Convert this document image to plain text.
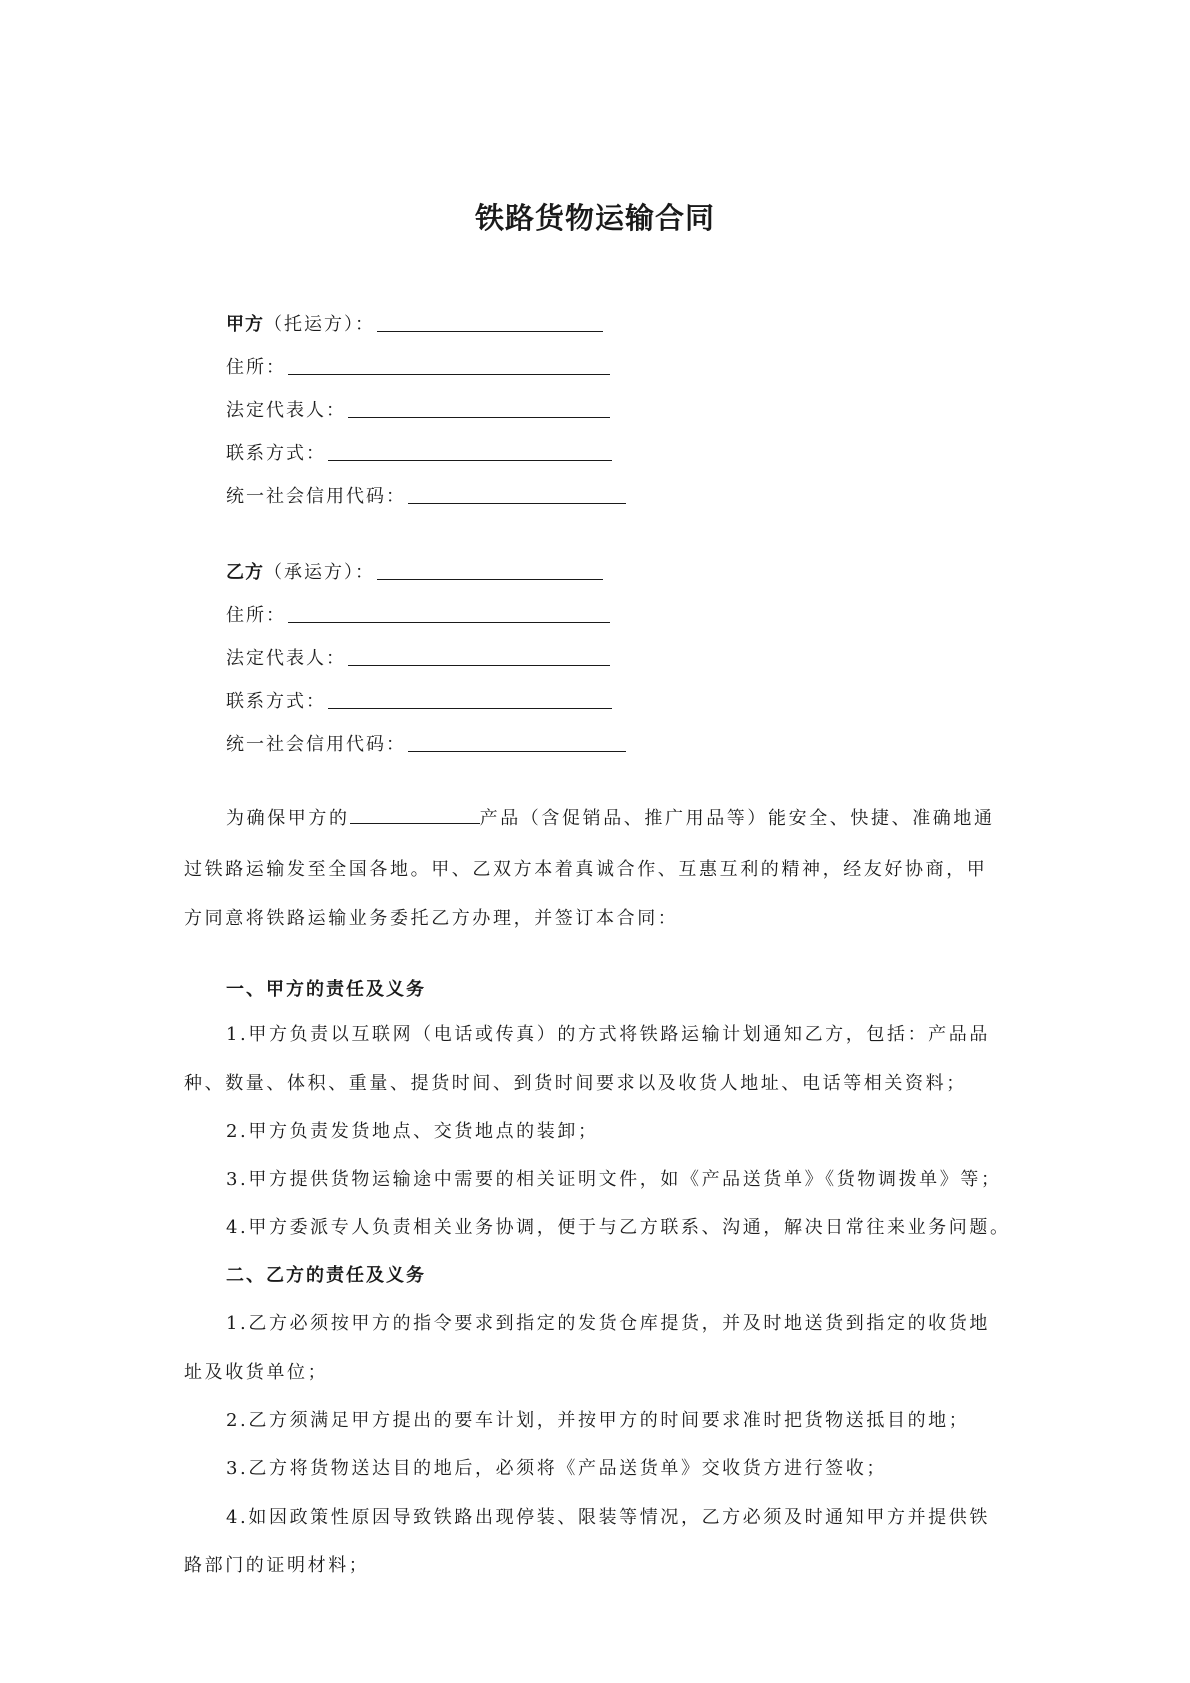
铁路货物运输合同
甲方 （托运方）：
住所：
法定代表人：
联系方式：
统一社会信用代码：
乙方 （承运方）：
住所：
法定代表人：
联系方式：
统一社会信用代码：
为确保甲方的	产品（含促销品、推广用品等）能安全、快捷、准确地通
过铁路运输发至全国各地。甲、乙双方本着真诚合作、互惠互利的精神，经友好协商，甲
方同意将铁路运输业务委托乙方办理，并签订本合同：
一、甲方的责任及义务
1.甲方负责以互联网（电话或传真）的方式将铁路运输计划通知乙方，包括：产品品
种、数量、体积、重量、提货时间、到货时间要求以及收货人地址、电话等相关资料；
2.甲方负责发货地点、交货地点的装卸；
3.甲方提供货物运输途中需要的相关证明文件，如《产品送货单》《货物调拨单》等；
4.甲方委派专人负责相关业务协调，便于与乙方联系、沟通，解决日常往来业务问题。
二、乙方的责任及义务
1.乙方必须按甲方的指令要求到指定的发货仓库提货，并及时地送货到指定的收货地
址及收货单位；
2.乙方须满足甲方提出的要车计划，并按甲方的时间要求准时把货物送抵目的地；
3.乙方将货物送达目的地后，必须将《产品送货单》交收货方进行签收；
4.如因政策性原因导致铁路出现停装、限装等情况，乙方必须及时通知甲方并提供铁
路部门的证明材料；
